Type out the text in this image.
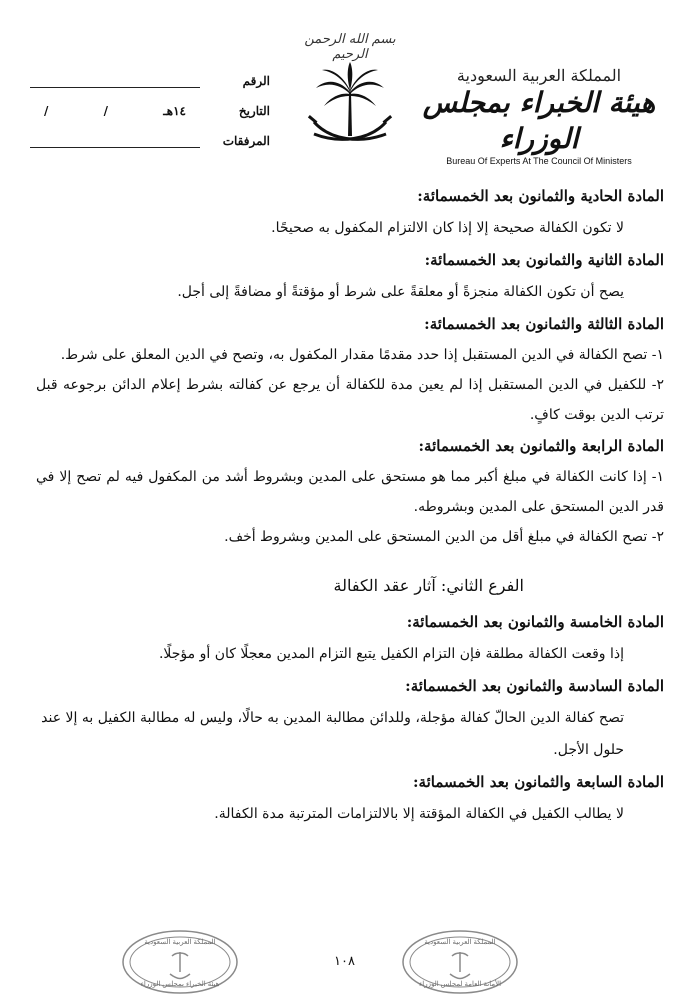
بسم الله الرحمن الرحيم
الرقم
التاريخ
١٤هـ
/
/
المرفقات
المملكة العربية السعودية
هيئة الخبراء بمجلس الوزراء
Bureau Of Experts At The Council Of Ministers

المادة الحادية والثمانون بعد الخمسمائة:

لا تكون الكفالة صحيحة إلا إذا كان الالتزام المكفول به صحيحًا.

المادة الثانية والثمانون بعد الخمسمائة:

يصح أن تكون الكفالة منجزةً أو معلقةً على شرط أو مؤقتةً أو مضافةً إلى أجل.

المادة الثالثة والثمانون بعد الخمسمائة:

١- تصح الكفالة في الدين المستقبل إذا حدد مقدمًا مقدار المكفول به، وتصح في الدين المعلق على شرط.

٢- للكفيل في الدين المستقبل إذا لم يعين مدة للكفالة أن يرجع عن كفالته بشرط إعلام الدائن برجوعه قبل ترتب الدين بوقت كافٍ.

المادة الرابعة والثمانون بعد الخمسمائة:

١- إذا كانت الكفالة في مبلغ أكبر مما هو مستحق على المدين وبشروط أشد من المكفول فيه لم تصح إلا في قدر الدين المستحق على المدين وبشروطه.

٢- تصح الكفالة في مبلغ أقل من الدين المستحق على المدين وبشروط أخف.

الفرع الثاني: آثار عقد الكفالة

المادة الخامسة والثمانون بعد الخمسمائة:

إذا وقعت الكفالة مطلقة فإن التزام الكفيل يتبع التزام المدين معجلًا كان أو مؤجلًا.

المادة السادسة والثمانون بعد الخمسمائة:

تصح كفالة الدين الحالّ كفالة مؤجلة، وللدائن مطالبة المدين به حالًا، وليس له مطالبة الكفيل به إلا عند حلول الأجل.

المادة السابعة والثمانون بعد الخمسمائة:

لا يطالب الكفيل في الكفالة المؤقتة إلا بالالتزامات المترتبة مدة الكفالة.

المملكة العربية السعودية
هيئة الخبراء بمجلس الوزراء
١٠٨
المملكة العربية السعودية
الأمانة العامة لمجلس الوزراء
